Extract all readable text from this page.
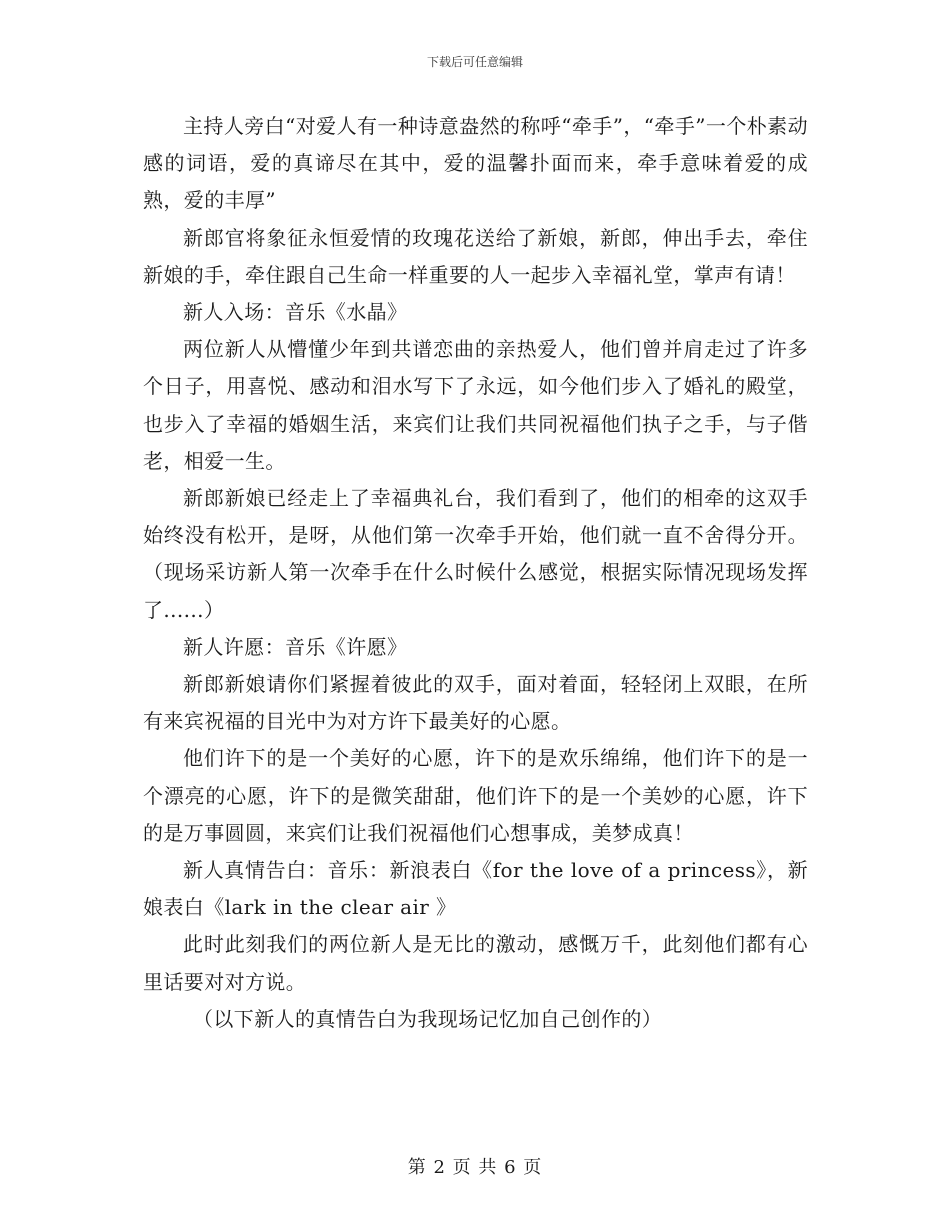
下载后可任意编辑

主持人旁白“对爱人有一种诗意盎然的称呼“牵手”，“牵手”一个朴素动感的词语，爱的真谛尽在其中，爱的温馨扑面而来，牵手意味着爱的成熟，爱的丰厚”

新郎官将象征永恒爱情的玫瑰花送给了新娘，新郎，伸出手去，牵住新娘的手，牵住跟自己生命一样重要的人一起步入幸福礼堂，掌声有请！

新人入场：音乐《水晶》

两位新人从懵懂少年到共谱恋曲的亲热爱人，他们曾并肩走过了许多个日子，用喜悦、感动和泪水写下了永远，如今他们步入了婚礼的殿堂，也步入了幸福的婚姻生活，来宾们让我们共同祝福他们执子之手，与子偕老，相爱一生。

新郎新娘已经走上了幸福典礼台，我们看到了，他们的相牵的这双手始终没有松开，是呀，从他们第一次牵手开始，他们就一直不舍得分开。（现场采访新人第一次牵手在什么时候什么感觉，根据实际情况现场发挥了......）

新人许愿：音乐《许愿》

新郎新娘请你们紧握着彼此的双手，面对着面，轻轻闭上双眼，在所有来宾祝福的目光中为对方许下最美好的心愿。

他们许下的是一个美好的心愿，许下的是欢乐绵绵，他们许下的是一个漂亮的心愿，许下的是微笑甜甜，他们许下的是一个美妙的心愿，许下的是万事圆圆，来宾们让我们祝福他们心想事成，美梦成真！

新人真情告白：音乐：新浪表白《for the love of a princess》，新娘表白《lark in the clear air 》

此时此刻我们的两位新人是无比的激动，感慨万千，此刻他们都有心里话要对对方说。

（以下新人的真情告白为我现场记忆加自己创作的）

第 2 页 共 6 页
